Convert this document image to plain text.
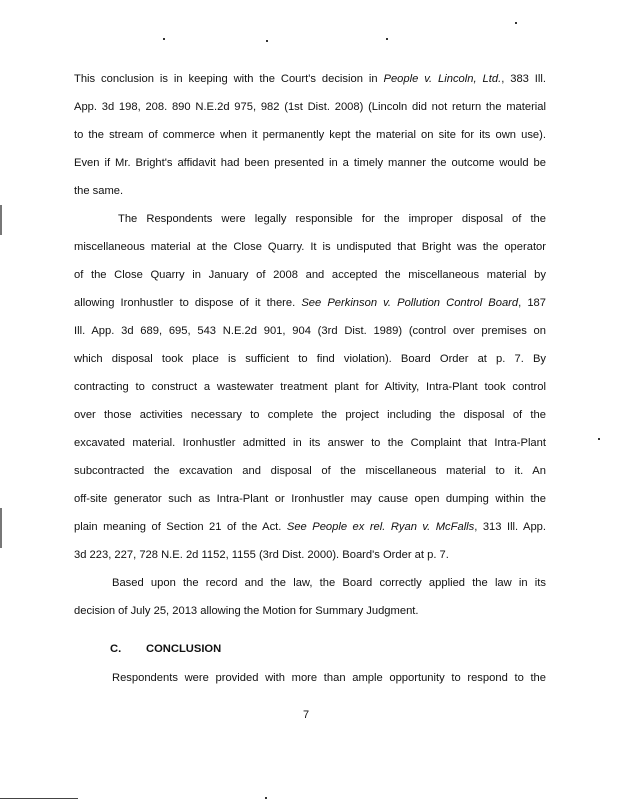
This conclusion is in keeping with the Court's decision in People v. Lincoln, Ltd., 383 Ill.
App. 3d 198, 208. 890 N.E.2d 975, 982 (1st Dist. 2008) (Lincoln did not return the material
to the stream of commerce when it permanently kept the material on site for its own use).
Even if Mr. Bright's affidavit had been presented in a timely manner the outcome would be
the same.
The Respondents were legally responsible for the improper disposal of the
miscellaneous material at the Close Quarry. It is undisputed that Bright was the operator
of the Close Quarry in January of 2008 and accepted the miscellaneous material by
allowing Ironhustler to dispose of it there. See Perkinson v. Pollution Control Board, 187
Ill. App. 3d 689, 695, 543 N.E.2d 901, 904 (3rd Dist. 1989) (control over premises on
which disposal took place is sufficient to find violation). Board Order at p. 7. By
contracting to construct a wastewater treatment plant for Altivity, Intra-Plant took control
over those activities necessary to complete the project including the disposal of the
excavated material. Ironhustler admitted in its answer to the Complaint that Intra-Plant
subcontracted the excavation and disposal of the miscellaneous material to it. An
off-site generator such as Intra-Plant or Ironhustler may cause open dumping within the
plain meaning of Section 21 of the Act. See People ex rel. Ryan v. McFalls, 313 Ill. App.
3d 223, 227, 728 N.E. 2d 1152, 1155 (3rd Dist. 2000). Board's Order at p. 7.
Based upon the record and the law, the Board correctly applied the law in its
decision of July 25, 2013 allowing the Motion for Summary Judgment.
C. CONCLUSION
Respondents were provided with more than ample opportunity to respond to the
7
